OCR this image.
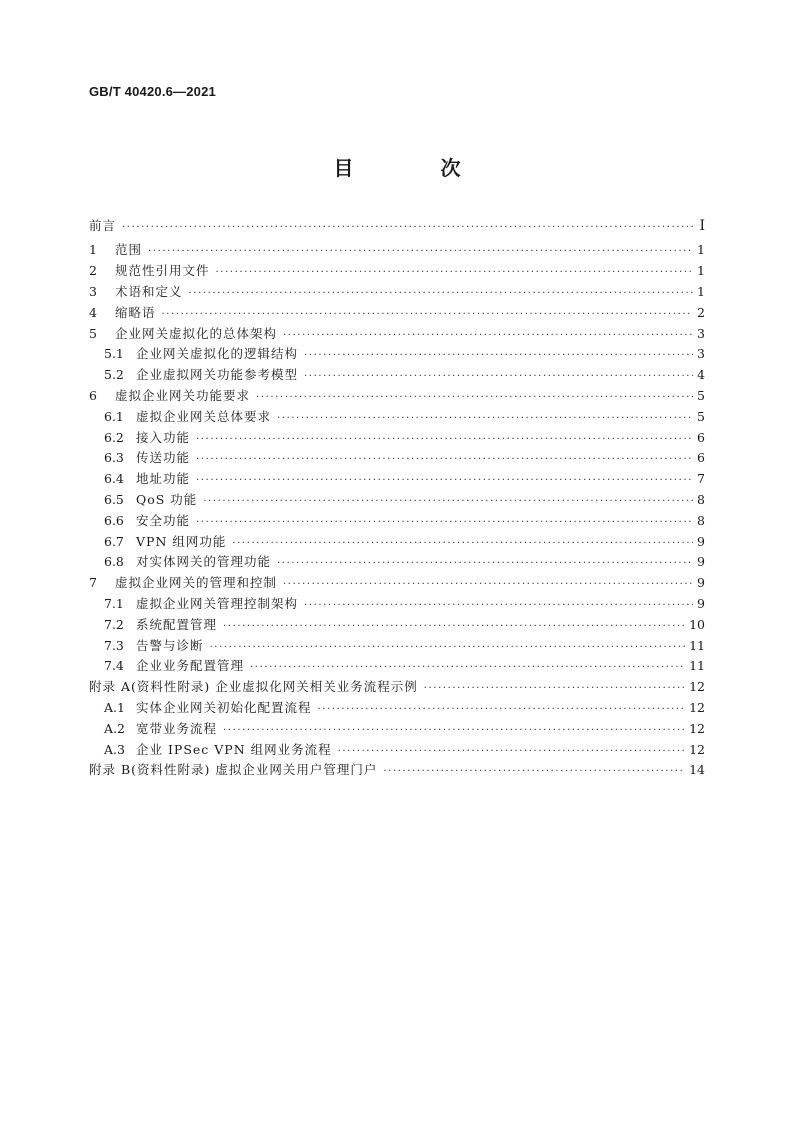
GB/T 40420.6—2021
目 次
前言 ·····	Ⅰ
1	范围 ·····	1
2	规范性引用文件 ·····	1
3	术语和定义 ·····	1
4	缩略语 ·····	2
5	企业网关虚拟化的总体架构 ·····	3
5.1 企业网关虚拟化的逻辑结构 ·····	3
5.2 企业虚拟网关功能参考模型 ·····	4
6	虚拟企业网关功能要求 ·····	5
6.1 虚拟企业网关总体要求 ·····	5
6.2 接入功能 ·····	6
6.3 传送功能 ·····	6
6.4 地址功能 ·····	7
6.5 QoS 功能 ·····	8
6.6 安全功能 ·····	8
6.7 VPN 组网功能 ·····	9
6.8 对实体网关的管理功能 ·····	9
7	虚拟企业网关的管理和控制 ·····	9
7.1 虚拟企业网关管理控制架构 ·····	9
7.2 系统配置管理 ·····	10
7.3 告警与诊断 ·····	11
7.4 企业业务配置管理 ·····	11
附录 A(资料性附录) 企业虚拟化网关相关业务流程示例 ·····	12
A.1 实体企业网关初始化配置流程 ·····	12
A.2 宽带业务流程 ·····	12
A.3 企业 IPSec VPN 组网业务流程 ·····	12
附录 B(资料性附录) 虚拟企业网关用户管理门户 ·····	14
